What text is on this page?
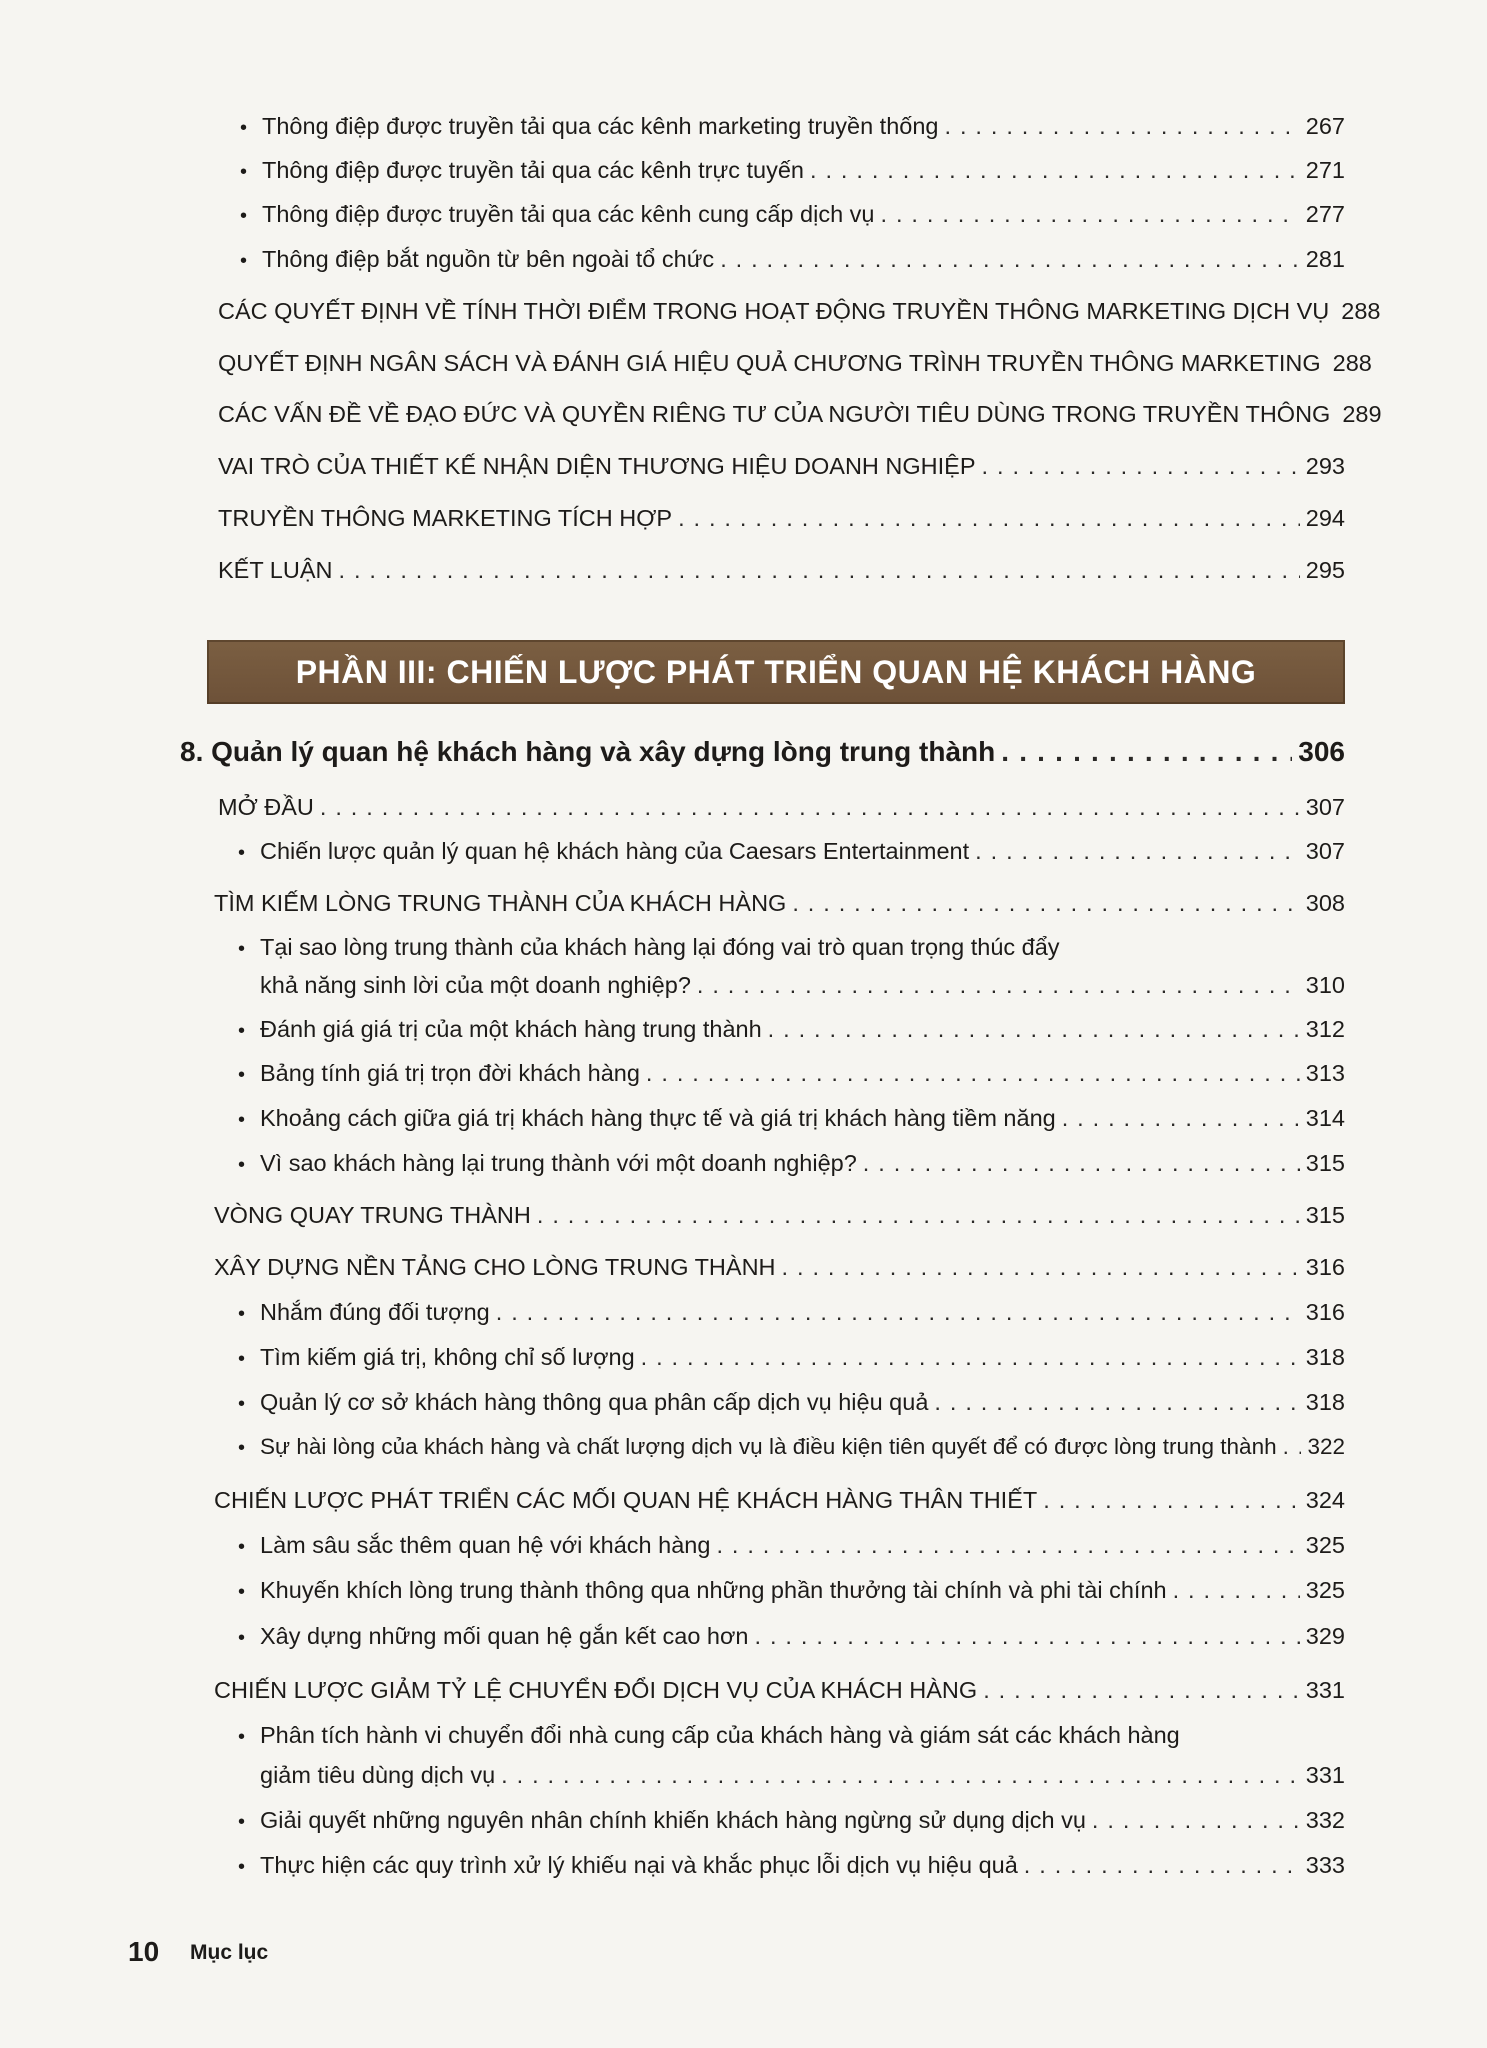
• Thông điệp được truyền tải qua các kênh marketing truyền thống . . .	267
• Thông điệp được truyền tải qua các kênh trực tuyến . . .	271
• Thông điệp được truyền tải qua các kênh cung cấp dịch vụ . . .	277
• Thông điệp bắt nguồn từ bên ngoài tổ chức . . .	281
CÁC QUYẾT ĐỊNH VỀ TÍNH THỜI ĐIỂM TRONG HOẠT ĐỘNG TRUYỀN THÔNG MARKETING DỊCH VỤ . . . 288
QUYẾT ĐỊNH NGÂN SÁCH VÀ ĐÁNH GIÁ HIỆU QUẢ CHƯƠNG TRÌNH TRUYỀN THÔNG MARKETING . . . 288
CÁC VẤN ĐỀ VỀ ĐẠO ĐỨC VÀ QUYỀN RIÊNG TƯ CỦA NGƯỜI TIÊU DÙNG TRONG TRUYỀN THÔNG . . . 289
VAI TRÒ CỦA THIẾT KẾ NHẬN DIỆN THƯƠNG HIỆU DOANH NGHIỆP . . .	293
TRUYỀN THÔNG MARKETING TÍCH HỢP . . .	294
KẾT LUẬN . . .	295
PHẦN III: CHIẾN LƯỢC PHÁT TRIỂN QUAN HỆ KHÁCH HÀNG
8. Quản lý quan hệ khách hàng và xây dựng lòng trung thành . . .	306
MỞ ĐẦU . . .	307
• Chiến lược quản lý quan hệ khách hàng của Caesars Entertainment . . .	307
TÌM KIẾM LÒNG TRUNG THÀNH CỦA KHÁCH HÀNG . . .	308
• Tại sao lòng trung thành của khách hàng lại đóng vai trò quan trọng thúc đẩy
khả năng sinh lời của một doanh nghiệp? . . .	310
• Đánh giá giá trị của một khách hàng trung thành . . .	312
• Bảng tính giá trị trọn đời khách hàng . . .	313
• Khoảng cách giữa giá trị khách hàng thực tế và giá trị khách hàng tiềm năng . . .	314
• Vì sao khách hàng lại trung thành với một doanh nghiệp? . . .	315
VÒNG QUAY TRUNG THÀNH . . .	315
XÂY DỰNG NỀN TẢNG CHO LÒNG TRUNG THÀNH . . .	316
• Nhắm đúng đối tượng . . .	316
• Tìm kiếm giá trị, không chỉ số lượng . . .	318
• Quản lý cơ sở khách hàng thông qua phân cấp dịch vụ hiệu quả . . .	318
• Sự hài lòng của khách hàng và chất lượng dịch vụ là điều kiện tiên quyết để có được lòng trung thành . . . 322
CHIẾN LƯỢC PHÁT TRIỂN CÁC MỐI QUAN HỆ KHÁCH HÀNG THÂN THIẾT . . .	324
• Làm sâu sắc thêm quan hệ với khách hàng . . .	325
• Khuyến khích lòng trung thành thông qua những phần thưởng tài chính và phi tài chính . . .	325
• Xây dựng những mối quan hệ gắn kết cao hơn . . .	329
CHIẾN LƯỢC GIẢM TỶ LỆ CHUYỂN ĐỔI DỊCH VỤ CỦA KHÁCH HÀNG . . .	331
• Phân tích hành vi chuyển đổi nhà cung cấp của khách hàng và giám sát các khách hàng
giảm tiêu dùng dịch vụ . . .	331
• Giải quyết những nguyên nhân chính khiến khách hàng ngừng sử dụng dịch vụ . . .	332
• Thực hiện các quy trình xử lý khiếu nại và khắc phục lỗi dịch vụ hiệu quả . . .	333
10 Mục lục
